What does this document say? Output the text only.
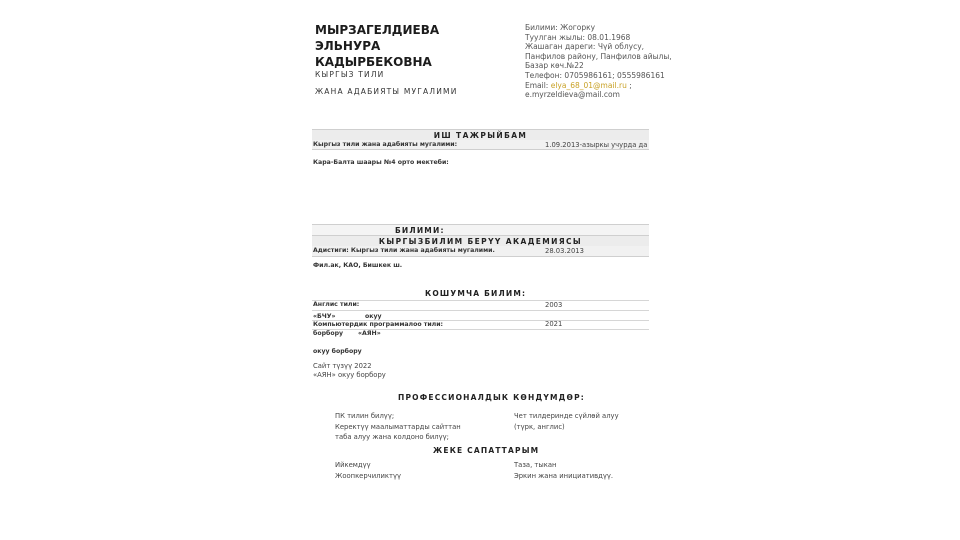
МЫРЗАГЕЛДИЕВА
ЭЛЬНУРА
КАДЫРБЕКОВНА
КЫРГЫЗ ТИЛИ
ЖАНА АДАБИЯТЫ МУГАЛИМИ
Билими: Жогорку
Туулган жылы: 08.01.1968
Жашаган дареги: Чүй облусу,
Панфилов району, Панфилов айылы,
Базар көч.№22
Телефон: 0705986161; 0555986161
Email: elya_68_01@mail.ru ;
e.myrzeldieva@mail.com
ИШ ТАЖРЫЙБАМ
Кыргыз тили жана адабияты мугалими:	1.09.2013-азыркы учурда да
Кара-Балта шаары №4 орто мектеби:
БИЛИМИ:
КЫРГЫЗБИЛИМ БЕРҮҮ АКАДЕМИЯСЫ
Адистиги: Кыргыз тили жана адабияты мугалими.	28.03.2013
Фил.ак, КАО, Бишкек ш.
КОШУМЧА БИЛИМ:
Англис тили:	2003
«БЧУ»	окуу
Компьютердик программалоо тили:	2021
борбору «АЯН»
окуу борбору
Сайт түзүү 2022
«АЯН» окуу борбору
ПРОФЕССИОНАЛДЫК КӨНДҮМДӨР:
ПК тилин билүү;
Керектүү маалыматтарды сайттан
таба алуу жана колдоно билүү;
Чет тилдеринде сүйлөй алуу
(түрк, англис)
ЖЕКЕ САПАТТАРЫМ
Ийкемдүү
Жоопкерчиликтүү
Таза, тыкан
Эркин жана инициативдүү.
